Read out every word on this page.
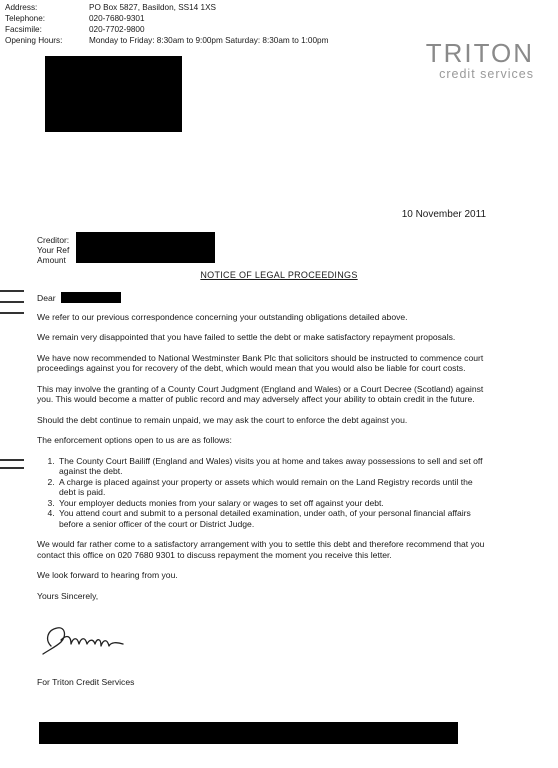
Address:	PO Box 5827, Basildon, SS14 1XS
Telephone:	020-7680-9301
Facsimile:	020-7702-9800
Opening Hours:	Monday to Friday: 8:30am to 9:00pm Saturday: 8:30am to 1:00pm	TRITON
credit services
10 November 2011
Creditor:
Your Ref
Amount
NOTICE OF LEGAL PROCEEDINGS

Dear

We refer to our previous correspondence concerning your outstanding obligations detailed above.

We remain very disappointed that you have failed to settle the debt or make satisfactory repayment proposals.

We have now recommended to National Westminster Bank Plc that solicitors should be instructed to commence court proceedings against you for recovery of the debt, which would mean that you would also be liable for court costs.

This may involve the granting of a County Court Judgment (England and Wales) or a Court Decree (Scotland) against you. This would become a matter of public record and may adversely affect your ability to obtain credit in the future.

Should the debt continue to remain unpaid, we may ask the court to enforce the debt against you.

The enforcement options open to us are as follows:

1. The County Court Bailiff (England and Wales) visits you at home and takes away possessions to sell and set off against the debt.
2. A charge is placed against your property or assets which would remain on the Land Registry records until the debt is paid.
3. Your employer deducts monies from your salary or wages to set off against your debt.
4. You attend court and submit to a personal detailed examination, under oath, of your personal financial affairs before a senior officer of the court or District Judge.

We would far rather come to a satisfactory arrangement with you to settle this debt and therefore recommend that you contact this office on 020 7680 9301 to discuss repayment the moment you receive this letter.

We look forward to hearing from you.

Yours Sincerely,

For Triton Credit Services
